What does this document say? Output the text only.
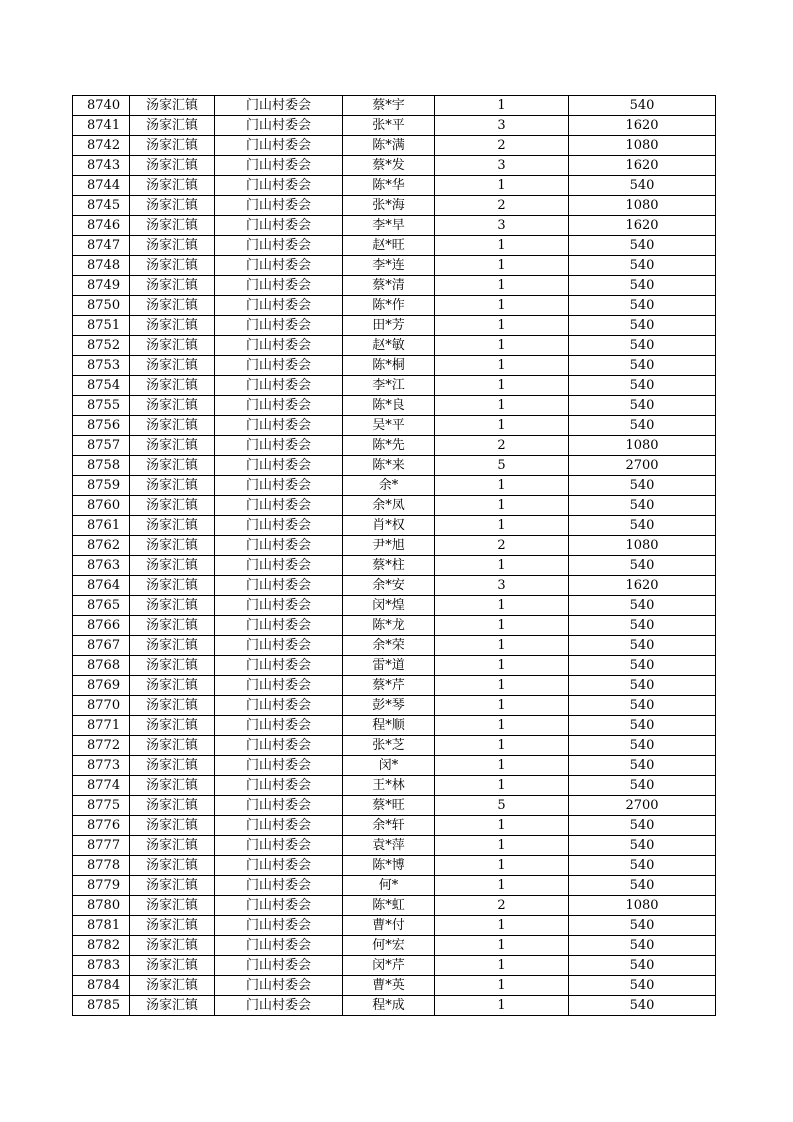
8740	汤家汇镇	门山村委会	蔡*宇	1	540
8741	汤家汇镇	门山村委会	张*平	3	1620
8742	汤家汇镇	门山村委会	陈*满	2	1080
8743	汤家汇镇	门山村委会	蔡*发	3	1620
8744	汤家汇镇	门山村委会	陈*华	1	540
8745	汤家汇镇	门山村委会	张*海	2	1080
8746	汤家汇镇	门山村委会	李*早	3	1620
8747	汤家汇镇	门山村委会	赵*旺	1	540
8748	汤家汇镇	门山村委会	李*连	1	540
8749	汤家汇镇	门山村委会	蔡*清	1	540
8750	汤家汇镇	门山村委会	陈*作	1	540
8751	汤家汇镇	门山村委会	田*芳	1	540
8752	汤家汇镇	门山村委会	赵*敏	1	540
8753	汤家汇镇	门山村委会	陈*桐	1	540
8754	汤家汇镇	门山村委会	李*江	1	540
8755	汤家汇镇	门山村委会	陈*良	1	540
8756	汤家汇镇	门山村委会	吴*平	1	540
8757	汤家汇镇	门山村委会	陈*先	2	1080
8758	汤家汇镇	门山村委会	陈*来	5	2700
8759	汤家汇镇	门山村委会	余*	1	540
8760	汤家汇镇	门山村委会	余*凤	1	540
8761	汤家汇镇	门山村委会	肖*权	1	540
8762	汤家汇镇	门山村委会	尹*旭	2	1080
8763	汤家汇镇	门山村委会	蔡*柱	1	540
8764	汤家汇镇	门山村委会	余*安	3	1620
8765	汤家汇镇	门山村委会	闵*煌	1	540
8766	汤家汇镇	门山村委会	陈*龙	1	540
8767	汤家汇镇	门山村委会	余*荣	1	540
8768	汤家汇镇	门山村委会	雷*道	1	540
8769	汤家汇镇	门山村委会	蔡*芹	1	540
8770	汤家汇镇	门山村委会	彭*琴	1	540
8771	汤家汇镇	门山村委会	程*顺	1	540
8772	汤家汇镇	门山村委会	张*芝	1	540
8773	汤家汇镇	门山村委会	闵*	1	540
8774	汤家汇镇	门山村委会	王*林	1	540
8775	汤家汇镇	门山村委会	蔡*旺	5	2700
8776	汤家汇镇	门山村委会	余*轩	1	540
8777	汤家汇镇	门山村委会	袁*萍	1	540
8778	汤家汇镇	门山村委会	陈*博	1	540
8779	汤家汇镇	门山村委会	何*	1	540
8780	汤家汇镇	门山村委会	陈*虹	2	1080
8781	汤家汇镇	门山村委会	曹*付	1	540
8782	汤家汇镇	门山村委会	何*宏	1	540
8783	汤家汇镇	门山村委会	闵*芹	1	540
8784	汤家汇镇	门山村委会	曹*英	1	540
8785	汤家汇镇	门山村委会	程*成	1	540
